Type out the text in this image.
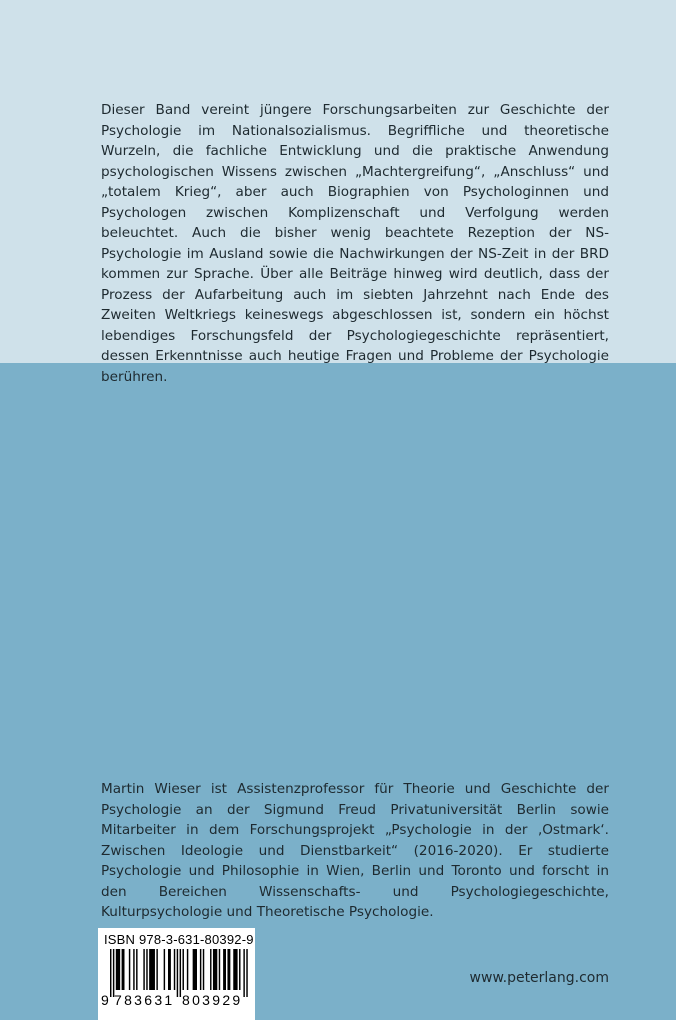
Dieser Band vereint jüngere Forschungsarbeiten zur Geschichte der Psychologie im Nationalsozialismus. Begriffliche und theoretische Wurzeln, die fachliche Entwicklung und die praktische Anwendung psychologischen Wissens zwischen „Machtergreifung“, „Anschluss“ und „totalem Krieg“, aber auch Biographien von Psychologinnen und Psychologen zwischen Komplizenschaft und Verfolgung werden beleuchtet. Auch die bisher wenig beachtete Rezeption der NS-Psychologie im Ausland sowie die Nachwirkungen der NS-Zeit in der BRD kommen zur Sprache. Über alle Beiträge hinweg wird deutlich, dass der Prozess der Aufarbeitung auch im siebten Jahrzehnt nach Ende des Zweiten Weltkriegs keineswegs abgeschlossen ist, sondern ein höchst lebendiges Forschungsfeld der Psychologiegeschichte repräsentiert, dessen Erkenntnisse auch heutige Fragen und Probleme der Psychologie berühren.

Martin Wieser ist Assistenzprofessor für Theorie und Geschichte der Psychologie an der Sigmund Freud Privatuniversität Berlin sowie Mitarbeiter in dem Forschungsprojekt „Psychologie in der ‚Ostmark‘. Zwischen Ideologie und Dienstbarkeit“ (2016-2020). Er studierte Psychologie und Philosophie in Wien, Berlin und Toronto und forscht in den Bereichen Wissenschafts- und Psychologiegeschichte, Kulturpsychologie und Theoretische Psychologie.

ISBN 978-3-631-80392-9
9 783631 803929
www.peterlang.com
